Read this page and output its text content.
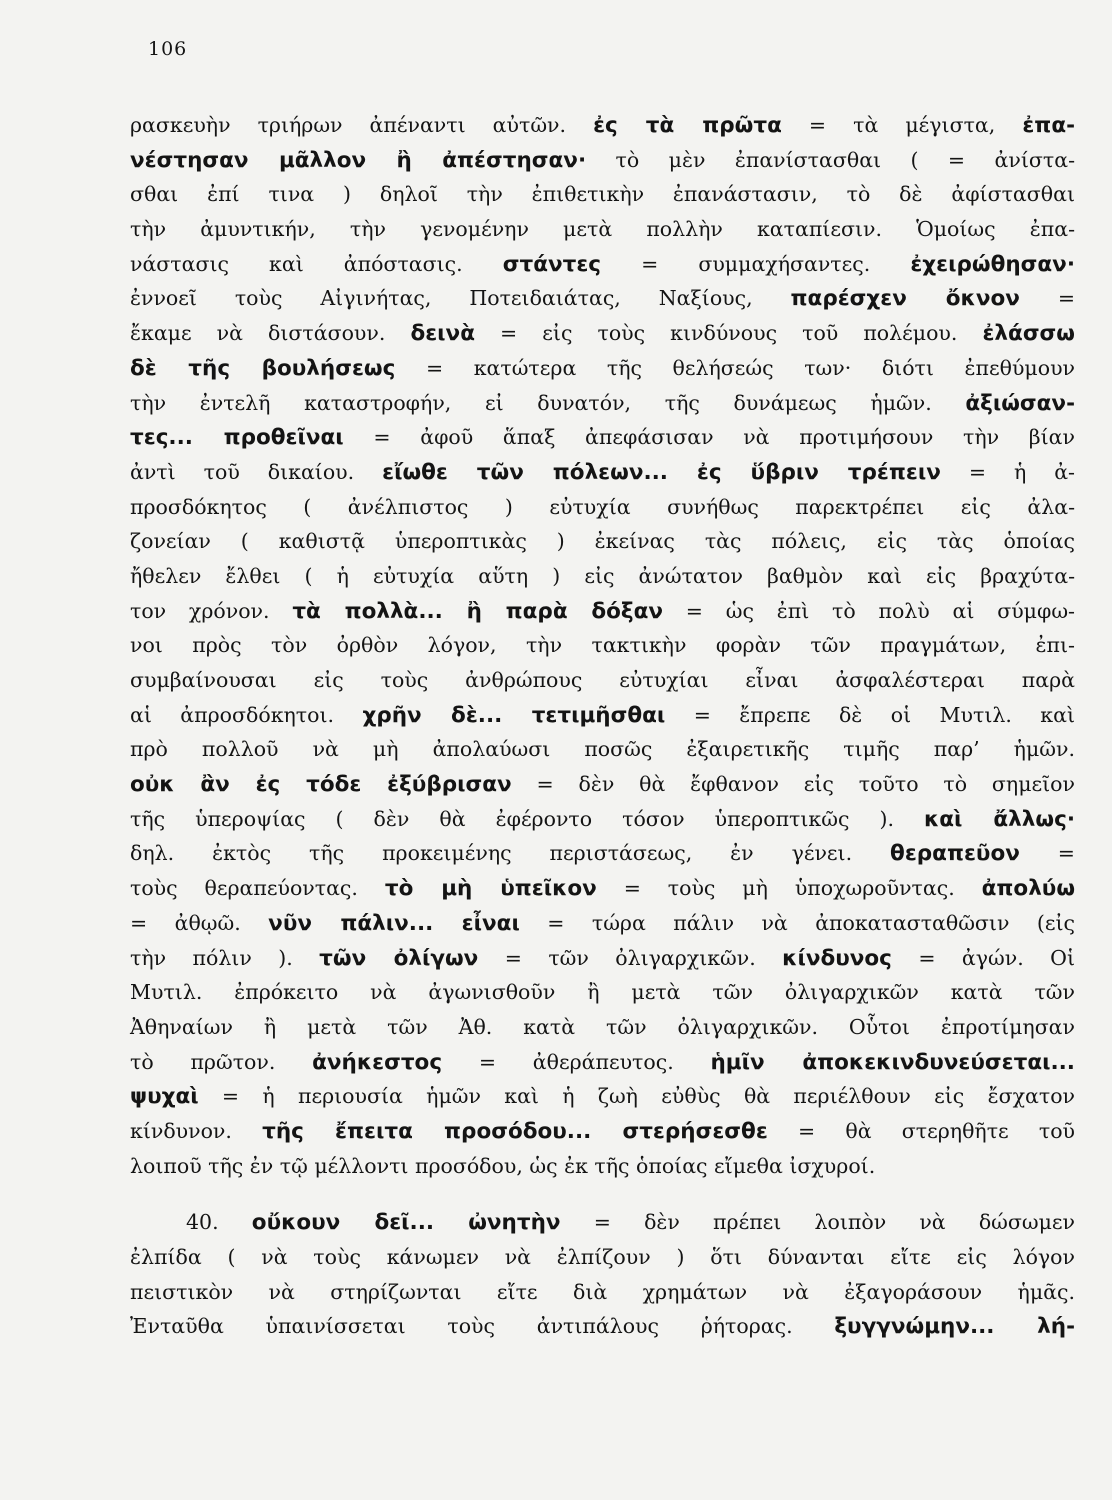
106
ρασκευὴν τριήρων ἀπέναντι αὐτῶν. ἐς τὰ πρῶτα = τὰ μέγιστα, ἐπα-
νέστησαν μᾶλλον ἢ ἀπέστησαν· τὸ μὲν ἐπανίστασθαι ( = ἀνίστα-
σθαι ἐπί τινα ) δηλοῖ τὴν ἐπιθετικὴν ἐπανάστασιν, τὸ δὲ ἀφίστασθαι
τὴν ἀμυντικήν, τὴν γενομένην μετὰ πολλὴν καταπίεσιν. Ὁμοίως ἐπα-
νάστασις καὶ ἀπόστασις. στάντες = συμμαχήσαντες. ἐχειρώθησαν·
ἐννοεῖ τοὺς Αἰγινήτας, Ποτειδαιάτας, Ναξίους, παρέσχεν ὄκνον =
ἔκαμε νὰ διστάσουν. δεινὰ = εἰς τοὺς κινδύνους τοῦ πολέμου. ἐλάσσω
δὲ τῆς βουλήσεως = κατώτερα τῆς θελήσεώς των· διότι ἐπεθύμουν
τὴν ἐντελῆ καταστροφήν, εἰ δυνατόν, τῆς δυνάμεως ἡμῶν. ἀξιώσαν-
τες... προθεῖναι = ἀφοῦ ἅπαξ ἀπεφάσισαν νὰ προτιμήσουν τὴν βίαν
ἀντὶ τοῦ δικαίου. εἴωθε τῶν πόλεων... ἐς ὕβριν τρέπειν = ἡ ἀ-
προσδόκητος ( ἀνέλπιστος ) εὐτυχία συνήθως παρεκτρέπει εἰς ἀλα-
ζονείαν ( καθιστᾷ ὑπεροπτικὰς ) ἐκείνας τὰς πόλεις, εἰς τὰς ὁποίας
ἤθελεν ἔλθει ( ἡ εὐτυχία αὕτη ) εἰς ἀνώτατον βαθμὸν καὶ εἰς βραχύτα-
τον χρόνον. τὰ πολλὰ... ἢ παρὰ δόξαν = ὡς ἐπὶ τὸ πολὺ αἱ σύμφω-
νοι πρὸς τὸν ὀρθὸν λόγον, τὴν τακτικὴν φορὰν τῶν πραγμάτων, ἐπι-
συμβαίνουσαι εἰς τοὺς ἀνθρώπους εὐτυχίαι εἶναι ἀσφαλέστεραι παρὰ
αἱ ἀπροσδόκητοι. χρῆν δὲ... τετιμῆσθαι = ἔπρεπε δὲ οἱ Μυτιλ. καὶ
πρὸ πολλοῦ νὰ μὴ ἀπολαύωσι ποσῶς ἐξαιρετικῆς τιμῆς παρ’ ἡμῶν.
οὐκ ἂν ἐς τόδε ἐξύβρισαν = δὲν θὰ ἔφθανον εἰς τοῦτο τὸ σημεῖον
τῆς ὑπεροψίας ( δὲν θὰ ἐφέροντο τόσον ὑπεροπτικῶς ). καὶ ἄλλως·
δηλ. ἐκτὸς τῆς προκειμένης περιστάσεως, ἐν γένει. θεραπεῦον =
τοὺς θεραπεύοντας. τὸ μὴ ὑπεῖκον = τοὺς μὴ ὑποχωροῦντας. ἀπολύω
= ἀθῳῶ. νῦν πάλιν... εἶναι = τώρα πάλιν νὰ ἀποκατασταθῶσιν (εἰς
τὴν πόλιν ). τῶν ὀλίγων = τῶν ὀλιγαρχικῶν. κίνδυνος = ἀγών. Οἱ
Μυτιλ. ἐπρόκειτο νὰ ἀγωνισθοῦν ἢ μετὰ τῶν ὀλιγαρχικῶν κατὰ τῶν
Ἀθηναίων ἢ μετὰ τῶν Ἀθ. κατὰ τῶν ὀλιγαρχικῶν. Οὗτοι ἐπροτίμησαν
τὸ πρῶτον. ἀνήκεστος = ἀθεράπευτος. ἡμῖν ἀποκεκινδυνεύσεται...
ψυχαὶ = ἡ περιουσία ἡμῶν καὶ ἡ ζωὴ εὐθὺς θὰ περιέλθουν εἰς ἔσχατον
κίνδυνον. τῆς ἔπειτα προσόδου... στερήσεσθε = θὰ στερηθῆτε τοῦ
λοιποῦ τῆς ἐν τῷ μέλλοντι προσόδου, ὡς ἐκ τῆς ὁποίας εἴμεθα ἰσχυροί.
40. οὔκουν δεῖ... ὠνητὴν = δὲν πρέπει λοιπὸν νὰ δώσωμεν
ἐλπίδα ( νὰ τοὺς κάνωμεν νὰ ἐλπίζουν ) ὅτι δύνανται εἴτε εἰς λόγον
πειστικὸν νὰ στηρίζωνται εἴτε διὰ χρημάτων νὰ ἐξαγοράσουν ἡμᾶς.
Ἐνταῦθα ὑπαινίσσεται τοὺς ἀντιπάλους ῥήτορας. ξυγγνώμην... λή-
